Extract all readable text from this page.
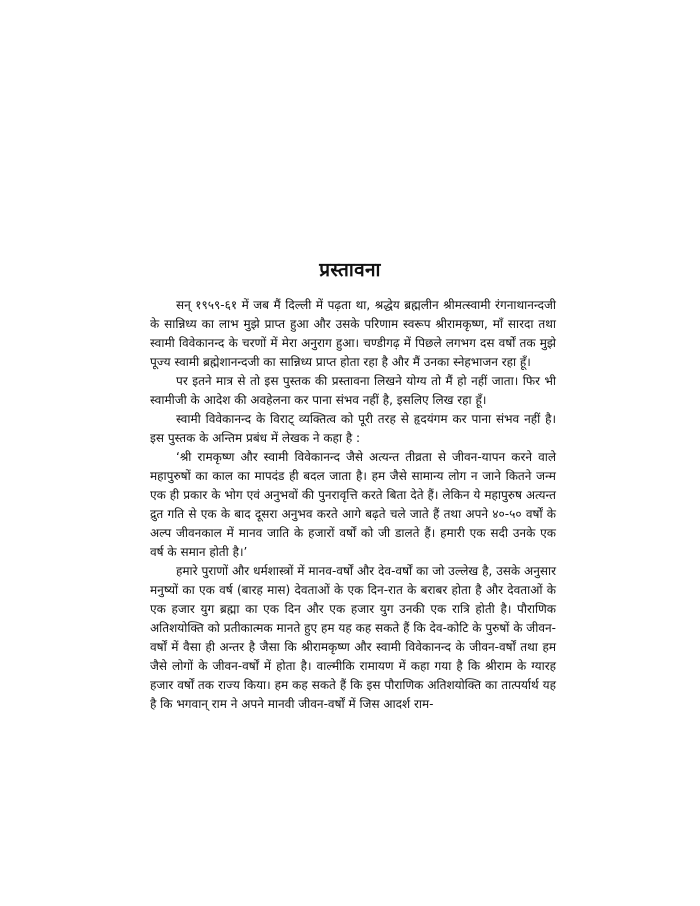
प्रस्तावना

सन् १९५९-६१ में जब मैं दिल्ली में पढ़ता था, श्रद्धेय ब्रह्मलीन श्रीमत्स्वामी रंगनाथानन्दजी के सान्निध्य का लाभ मुझे प्राप्त हुआ और उसके परिणाम स्वरूप श्रीरामकृष्ण, माँ सारदा तथा स्वामी विवेकानन्द के चरणों में मेरा अनुराग हुआ। चण्डीगढ़ में पिछले लगभग दस वर्षों तक मुझे पूज्य स्वामी ब्रह्मेशानन्दजी का सान्निध्य प्राप्त होता रहा है और मैं उनका स्नेहभाजन रहा हूँ।

पर इतने मात्र से तो इस पुस्तक की प्रस्तावना लिखने योग्य तो मैं हो नहीं जाता। फिर भी स्वामीजी के आदेश की अवहेलना कर पाना संभव नहीं है, इसलिए लिख रहा हूँ।

स्वामी विवेकानन्द के विराट् व्यक्तित्व को पूरी तरह से हृदयंगम कर पाना संभव नहीं है। इस पुस्तक के अन्तिम प्रबंध में लेखक ने कहा है :

‘श्री रामकृष्ण और स्वामी विवेकानन्द जैसे अत्यन्त तीव्रता से जीवन-यापन करने वाले महापुरुषों का काल का मापदंड ही बदल जाता है। हम जैसे सामान्य लोग न जाने कितने जन्म एक ही प्रकार के भोग एवं अनुभवों की पुनरावृत्ति करते बिता देते हैं। लेकिन ये महापुरुष अत्यन्त द्रुत गति से एक के बाद दूसरा अनुभव करते आगे बढ़ते चले जाते हैं तथा अपने ४०-५० वर्षों के अल्प जीवनकाल में मानव जाति के हजारों वर्षों को जी डालते हैं। हमारी एक सदी उनके एक वर्ष के समान होती है।’

हमारे पुराणों और धर्मशास्त्रों में मानव-वर्षों और देव-वर्षों का जो उल्लेख है, उसके अनुसार मनुष्यों का एक वर्ष (बारह मास) देवताओं के एक दिन-रात के बराबर होता है और देवताओं के एक हजार युग ब्रह्मा का एक दिन और एक हजार युग उनकी एक रात्रि होती है। पौराणिक अतिशयोक्ति को प्रतीकात्मक मानते हुए हम यह कह सकते हैं कि देव-कोटि के पुरुषों के जीवन-वर्षों में वैसा ही अन्तर है जैसा कि श्रीरामकृष्ण और स्वामी विवेकानन्द के जीवन-वर्षों तथा हम जैसे लोगों के जीवन-वर्षों में होता है। वाल्मीकि रामायण में कहा गया है कि श्रीराम के ग्यारह हजार वर्षों तक राज्य किया। हम कह सकते हैं कि इस पौराणिक अतिशयोक्ति का तात्पर्यार्थ यह है कि भगवान् राम ने अपने मानवी जीवन-वर्षों में जिस आदर्श राम-
